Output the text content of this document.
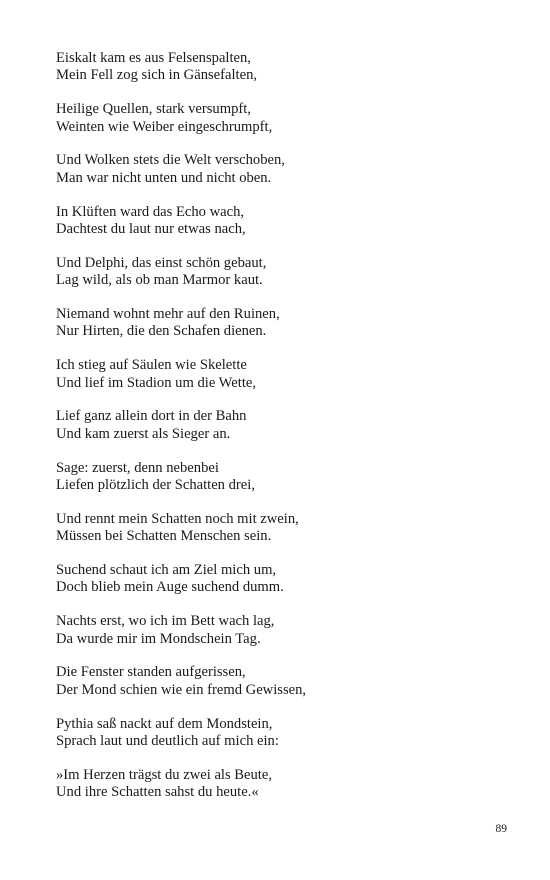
Eiskalt kam es aus Felsenspalten,
Mein Fell zog sich in Gänsefalten,
Heilige Quellen, stark versumpft,
Weinten wie Weiber eingeschrumpft,
Und Wolken stets die Welt verschoben,
Man war nicht unten und nicht oben.
In Klüften ward das Echo wach,
Dachtest du laut nur etwas nach,
Und Delphi, das einst schön gebaut,
Lag wild, als ob man Marmor kaut.
Niemand wohnt mehr auf den Ruinen,
Nur Hirten, die den Schafen dienen.
Ich stieg auf Säulen wie Skelette
Und lief im Stadion um die Wette,
Lief ganz allein dort in der Bahn
Und kam zuerst als Sieger an.
Sage: zuerst, denn nebenbei
Liefen plötzlich der Schatten drei,
Und rennt mein Schatten noch mit zwein,
Müssen bei Schatten Menschen sein.
Suchend schaut ich am Ziel mich um,
Doch blieb mein Auge suchend dumm.
Nachts erst, wo ich im Bett wach lag,
Da wurde mir im Mondschein Tag.
Die Fenster standen aufgerissen,
Der Mond schien wie ein fremd Gewissen,
Pythia saß nackt auf dem Mondstein,
Sprach laut und deutlich auf mich ein:
»Im Herzen trägst du zwei als Beute,
Und ihre Schatten sahst du heute.«
89
